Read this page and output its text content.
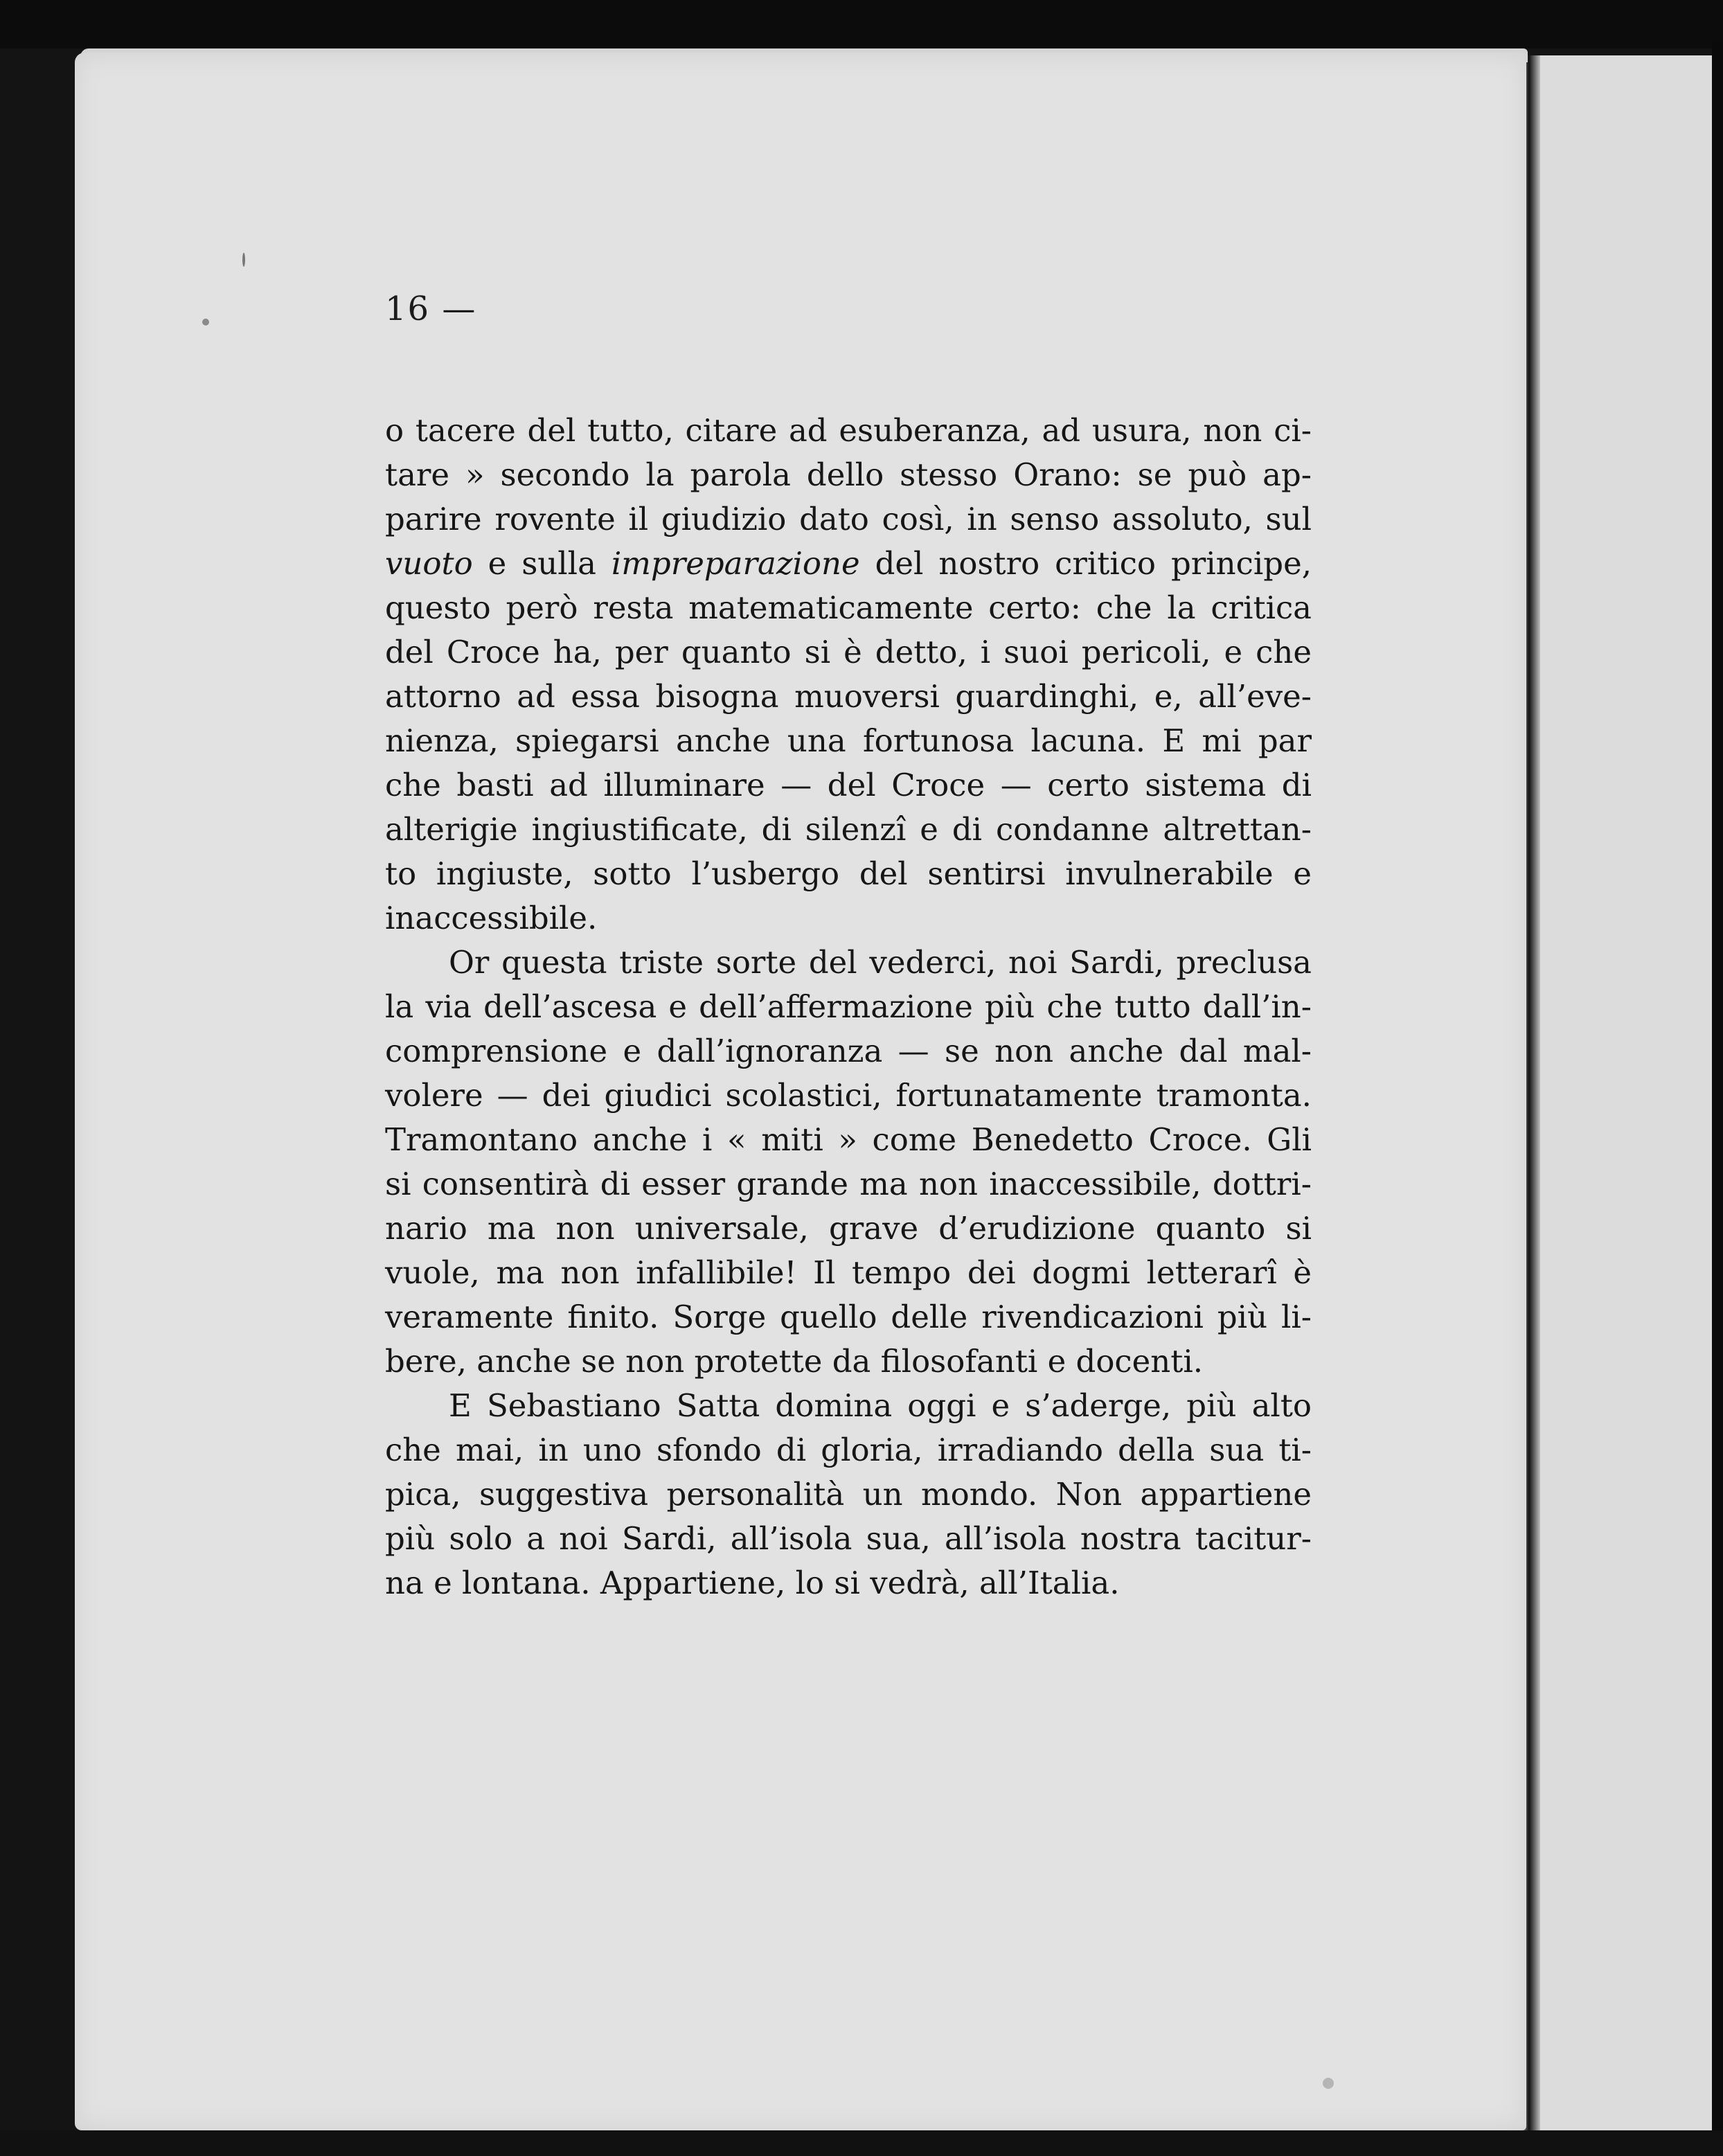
16 —
o tacere del tutto, citare ad esuberanza, ad usura, non ci-
tare » secondo la parola dello stesso Orano: se può ap-
parire rovente il giudizio dato così, in senso assoluto, sul
vuoto e sulla impreparazione del nostro critico principe,
questo però resta matematicamente certo: che la critica
del Croce ha, per quanto si è detto, i suoi pericoli, e che
attorno ad essa bisogna muoversi guardinghi, e, all’eve-
nienza, spiegarsi anche una fortunosa lacuna. E mi par
che basti ad illuminare — del Croce — certo sistema di
alterigie ingiustificate, di silenzî e di condanne altrettan-
to ingiuste, sotto l’usbergo del sentirsi invulnerabile e
inaccessibile.
Or questa triste sorte del vederci, noi Sardi, preclusa
la via dell’ascesa e dell’affermazione più che tutto dall’in-
comprensione e dall’ignoranza — se non anche dal mal-
volere — dei giudici scolastici, fortunatamente tramonta.
Tramontano anche i « miti » come Benedetto Croce. Gli
si consentirà di esser grande ma non inaccessibile, dottri-
nario ma non universale, grave d’erudizione quanto si
vuole, ma non infallibile! Il tempo dei dogmi letterarî è
veramente finito. Sorge quello delle rivendicazioni più li-
bere, anche se non protette da filosofanti e docenti.
E Sebastiano Satta domina oggi e s’aderge, più alto
che mai, in uno sfondo di gloria, irradiando della sua ti-
pica, suggestiva personalità un mondo. Non appartiene
più solo a noi Sardi, all’isola sua, all’isola nostra tacitur-
na e lontana. Appartiene, lo si vedrà, all’Italia.
